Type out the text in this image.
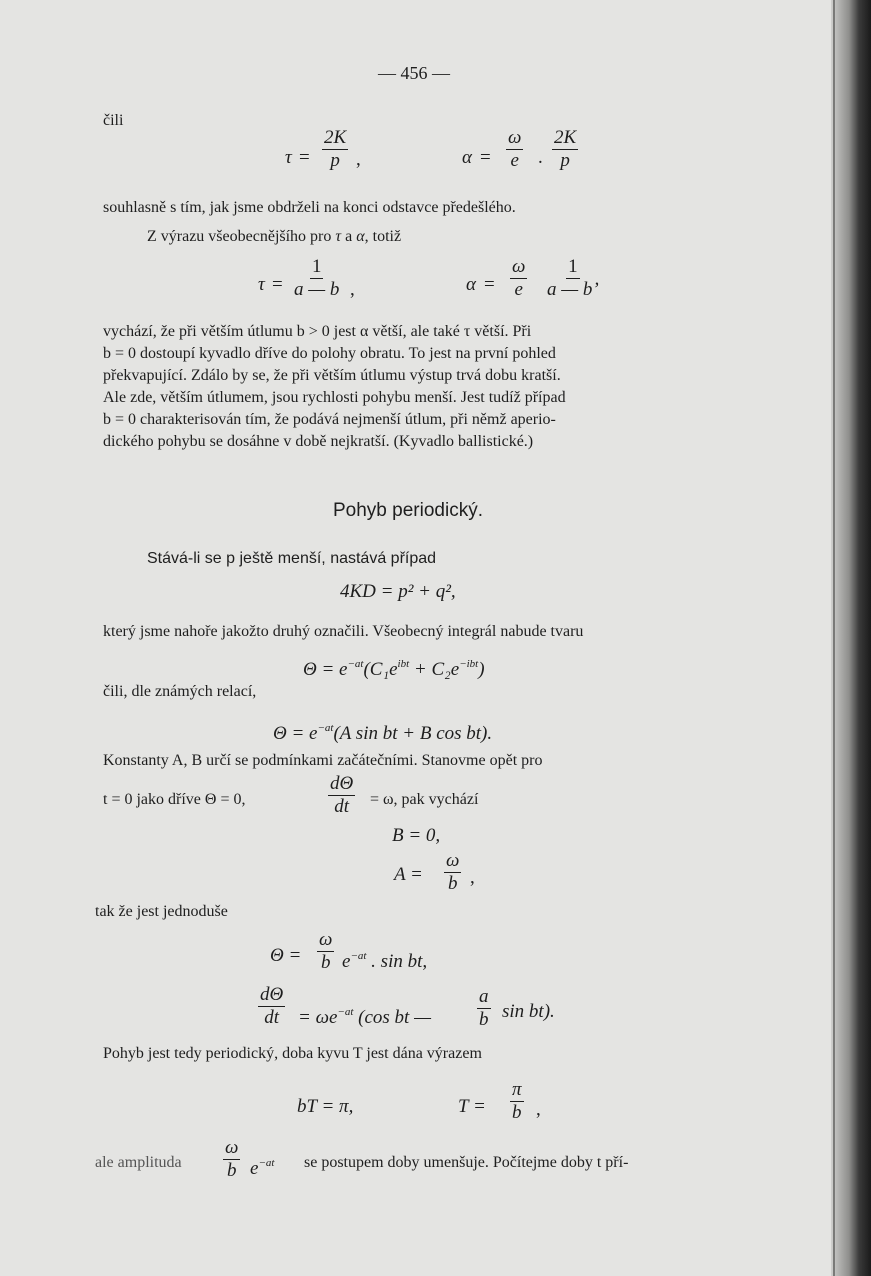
— 456 —
čili
$\tau = \frac{2K}{p}$ ,	$\alpha = \frac{\omega}{e}$ . $\frac{2K}{p}$
souhlasně s tím, jak jsme obdrželi na konci odstavce předešlého.
Z výrazu všeobecnějšího pro τ a α, totiž
$\tau = \frac{1}{a — b}$ ,	$\alpha = \frac{\omega}{e} \frac{1}{a — b’}$
vychází, že při větším útlumu b > 0 jest α větší, ale také τ větší. Při
b = 0 dostoupí kyvadlo dříve do polohy obratu. To jest na první pohled
překvapující. Zdálo by se, že při větším útlumu výstup trvá dobu kratší.
Ale zde, větším útlumem, jsou rychlosti pohybu menší. Jest tudíž případ
b = 0 charakterisován tím, že podává nejmenší útlum, při němž aperio-
dického pohybu se dosáhne v době nejkratší. (Kyvadlo ballistické.)
Pohyb periodický.
Stává-li se p ještě menší, nastává případ
4KD = p² + q²,
který jsme nahoře jakožto druhý označili. Všeobecný integrál nabude tvaru
$\Theta = e^{-at}(C_1e^{ibt} + C_2e^{-ibt})$
čili, dle známých relací,
$\Theta = e^{-at}(A$ sin bt + B cos bt).
Konstanty A, B určí se podmínkami začátečními. Stanovme opět pro
t = 0 jako dříve Θ = 0,	$\frac{d\Theta}{dt} = \omega$, pak vychází
B = 0,
$A = \frac{\omega}{b}$ ,
tak že jest jednoduše
$\Theta = \frac{\omega}{b} e^{-at}$ . sin bt,
$\frac{d\Theta}{dt} = \omega e^{-at}$ (cos bt — $\frac{a}{b}$ sin bt).
Pohyb jest tedy periodický, doba kyvu T jest dána výrazem
bT = π,	$T = \frac{\pi}{b}$ ,
ale amplituda $\frac{\omega}{b} e^{-at}$ se postupem doby umenšuje. Počítejme doby t pří-
